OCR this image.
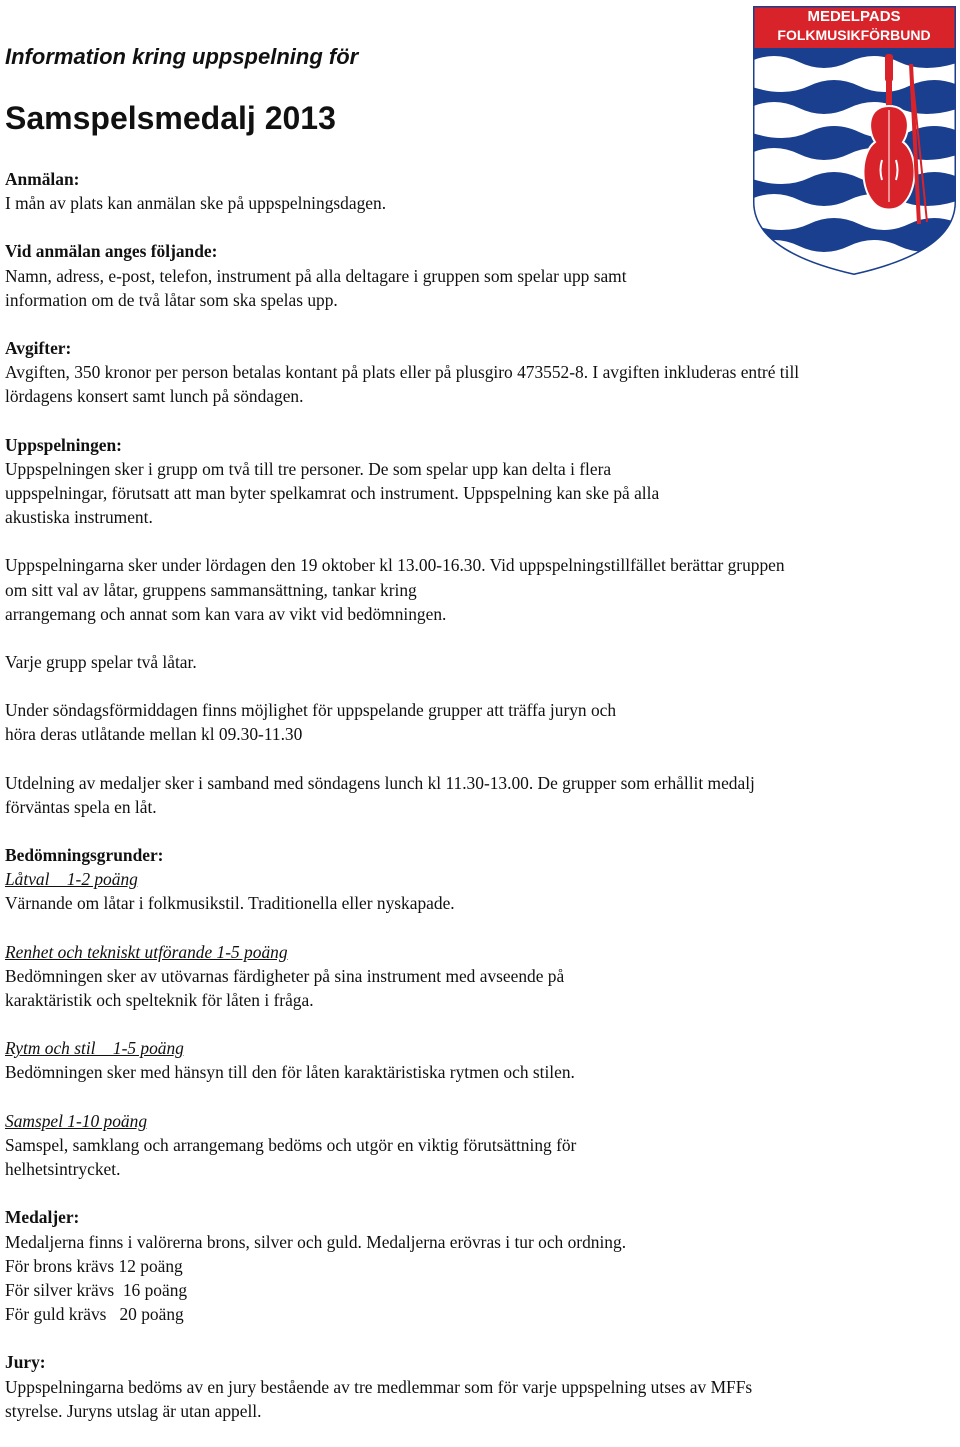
Information kring uppspelning för
Samspelsmedalj 2013
MEDELPADS
FOLKMUSIKFÖRBUND

Anmälan:
I mån av plats kan anmälan ske på uppspelningsdagen.

Vid anmälan anges följande:
Namn, adress, e-post, telefon, instrument på alla deltagare i gruppen som spelar upp samt
information om de två låtar som ska spelas upp.

Avgifter:
Avgiften, 350 kronor per person betalas kontant på plats eller på plusgiro 473552-8. I avgiften inkluderas entré till
lördagens konsert samt lunch på söndagen.

Uppspelningen:
Uppspelningen sker i grupp om två till tre personer. De som spelar upp kan delta i flera
uppspelningar, förutsatt att man byter spelkamrat och instrument. Uppspelning kan ske på alla
akustiska instrument.

Uppspelningarna sker under lördagen den 19 oktober kl 13.00-16.30. Vid uppspelningstillfället berättar gruppen
om sitt val av låtar, gruppens sammansättning, tankar kring
arrangemang och annat som kan vara av vikt vid bedömningen.

Varje grupp spelar två låtar.

Under söndagsförmiddagen finns möjlighet för uppspelande grupper att träffa juryn och
höra deras utlåtande mellan kl 09.30-11.30

Utdelning av medaljer sker i samband med söndagens lunch kl 11.30-13.00. De grupper som erhållit medalj
förväntas spela en låt.

Bedömningsgrunder:
Låtval    1-2 poäng
Värnande om låtar i folkmusikstil. Traditionella eller nyskapade.

Renhet och tekniskt utförande 1-5 poäng
Bedömningen sker av utövarnas färdigheter på sina instrument med avseende på
karaktäristik och spelteknik för låten i fråga.

Rytm och stil    1-5 poäng
Bedömningen sker med hänsyn till den för låten karaktäristiska rytmen och stilen.

Samspel 1-10 poäng
Samspel, samklang och arrangemang bedöms och utgör en viktig förutsättning för
helhetsintrycket.

Medaljer:
Medaljerna finns i valörerna brons, silver och guld. Medaljerna erövras i tur och ordning.
För brons krävs 12 poäng
För silver krävs  16 poäng
För guld krävs   20 poäng

Jury:
Uppspelningarna bedöms av en jury bestående av tre medlemmar som för varje uppspelning utses av MFFs
styrelse. Juryns utslag är utan appell.
